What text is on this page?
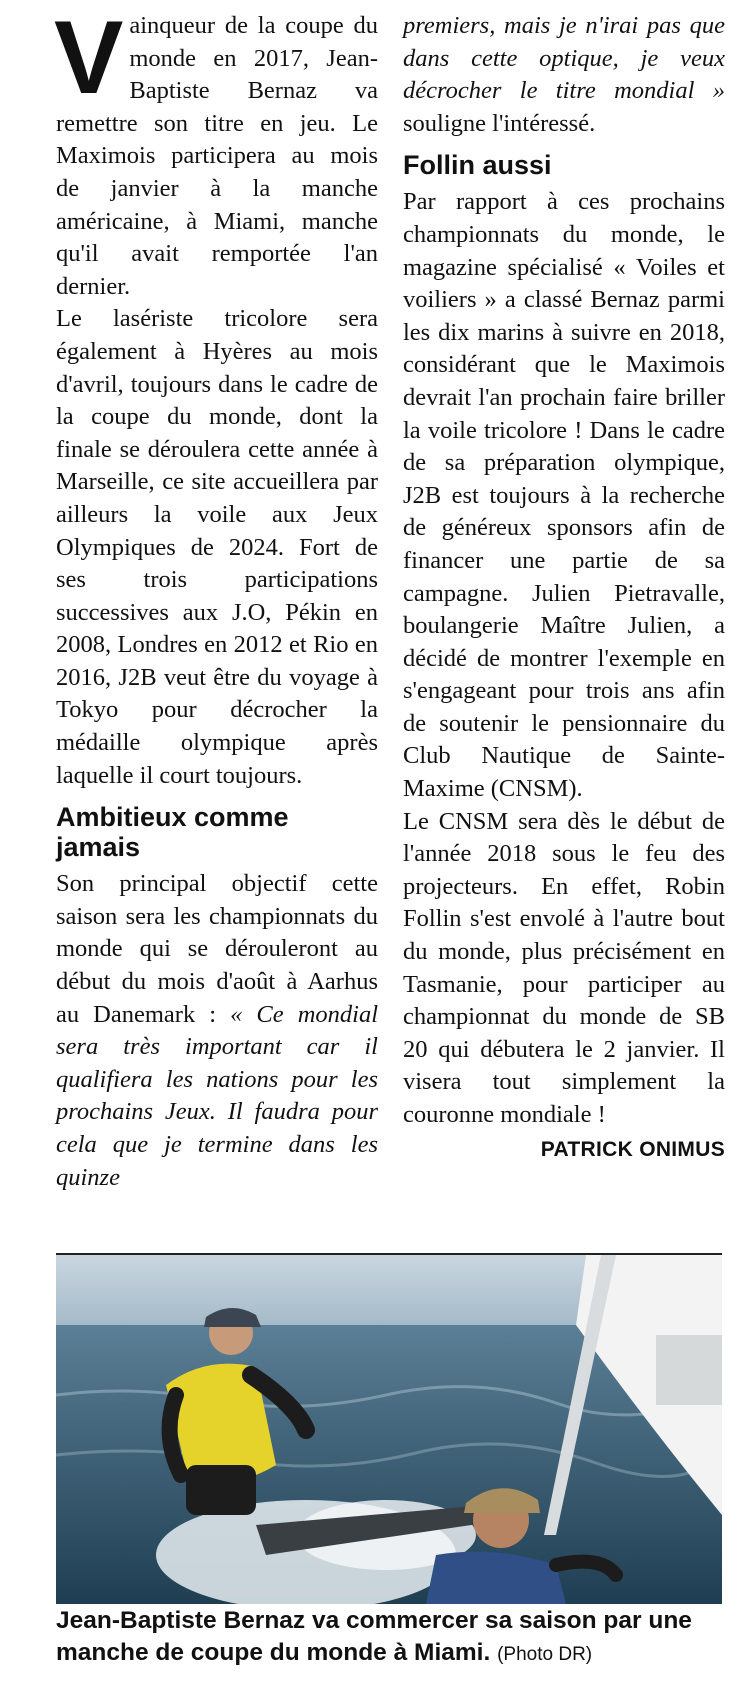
Vainqueur de la coupe du monde en 2017, Jean-Baptiste Bernaz va remettre son titre en jeu. Le Maximois participera au mois de janvier à la manche américaine, à Miami, manche qu'il avait remportée l'an dernier.

Le lasériste tricolore sera également à Hyères au mois d'avril, toujours dans le cadre de la coupe du monde, dont la finale se déroulera cette année à Marseille, ce site accueillera par ailleurs la voile aux Jeux Olympiques de 2024. Fort de ses trois participations successives aux J.O, Pékin en 2008, Londres en 2012 et Rio en 2016, J2B veut être du voyage à Tokyo pour décrocher la médaille olympique après laquelle il court toujours.

Ambitieux comme jamais

Son principal objectif cette saison sera les championnats du monde qui se dérouleront au début du mois d'août à Aarhus au Danemark : « Ce mondial sera très important car il qualifiera les nations pour les prochains Jeux. Il faudra pour cela que je termine dans les quinze

premiers, mais je n'irai pas que dans cette optique, je veux décrocher le titre mondial » souligne l'intéressé.

Follin aussi

Par rapport à ces prochains championnats du monde, le magazine spécialisé « Voiles et voiliers » a classé Bernaz parmi les dix marins à suivre en 2018, considérant que le Maximois devrait l'an prochain faire briller la voile tricolore ! Dans le cadre de sa préparation olympique, J2B est toujours à la recherche de généreux sponsors afin de financer une partie de sa campagne. Julien Pietravalle, boulangerie Maître Julien, a décidé de montrer l'exemple en s'engageant pour trois ans afin de soutenir le pensionnaire du Club Nautique de Sainte-Maxime (CNSM).

Le CNSM sera dès le début de l'année 2018 sous le feu des projecteurs. En effet, Robin Follin s'est envolé à l'autre bout du monde, plus précisément en Tasmanie, pour participer au championnat du monde de SB 20 qui débutera le 2 janvier. Il visera tout simplement la couronne mondiale !

PATRICK ONIMUS
Jean-Baptiste Bernaz va commercer sa saison par une manche de coupe du monde à Miami. (Photo DR)
